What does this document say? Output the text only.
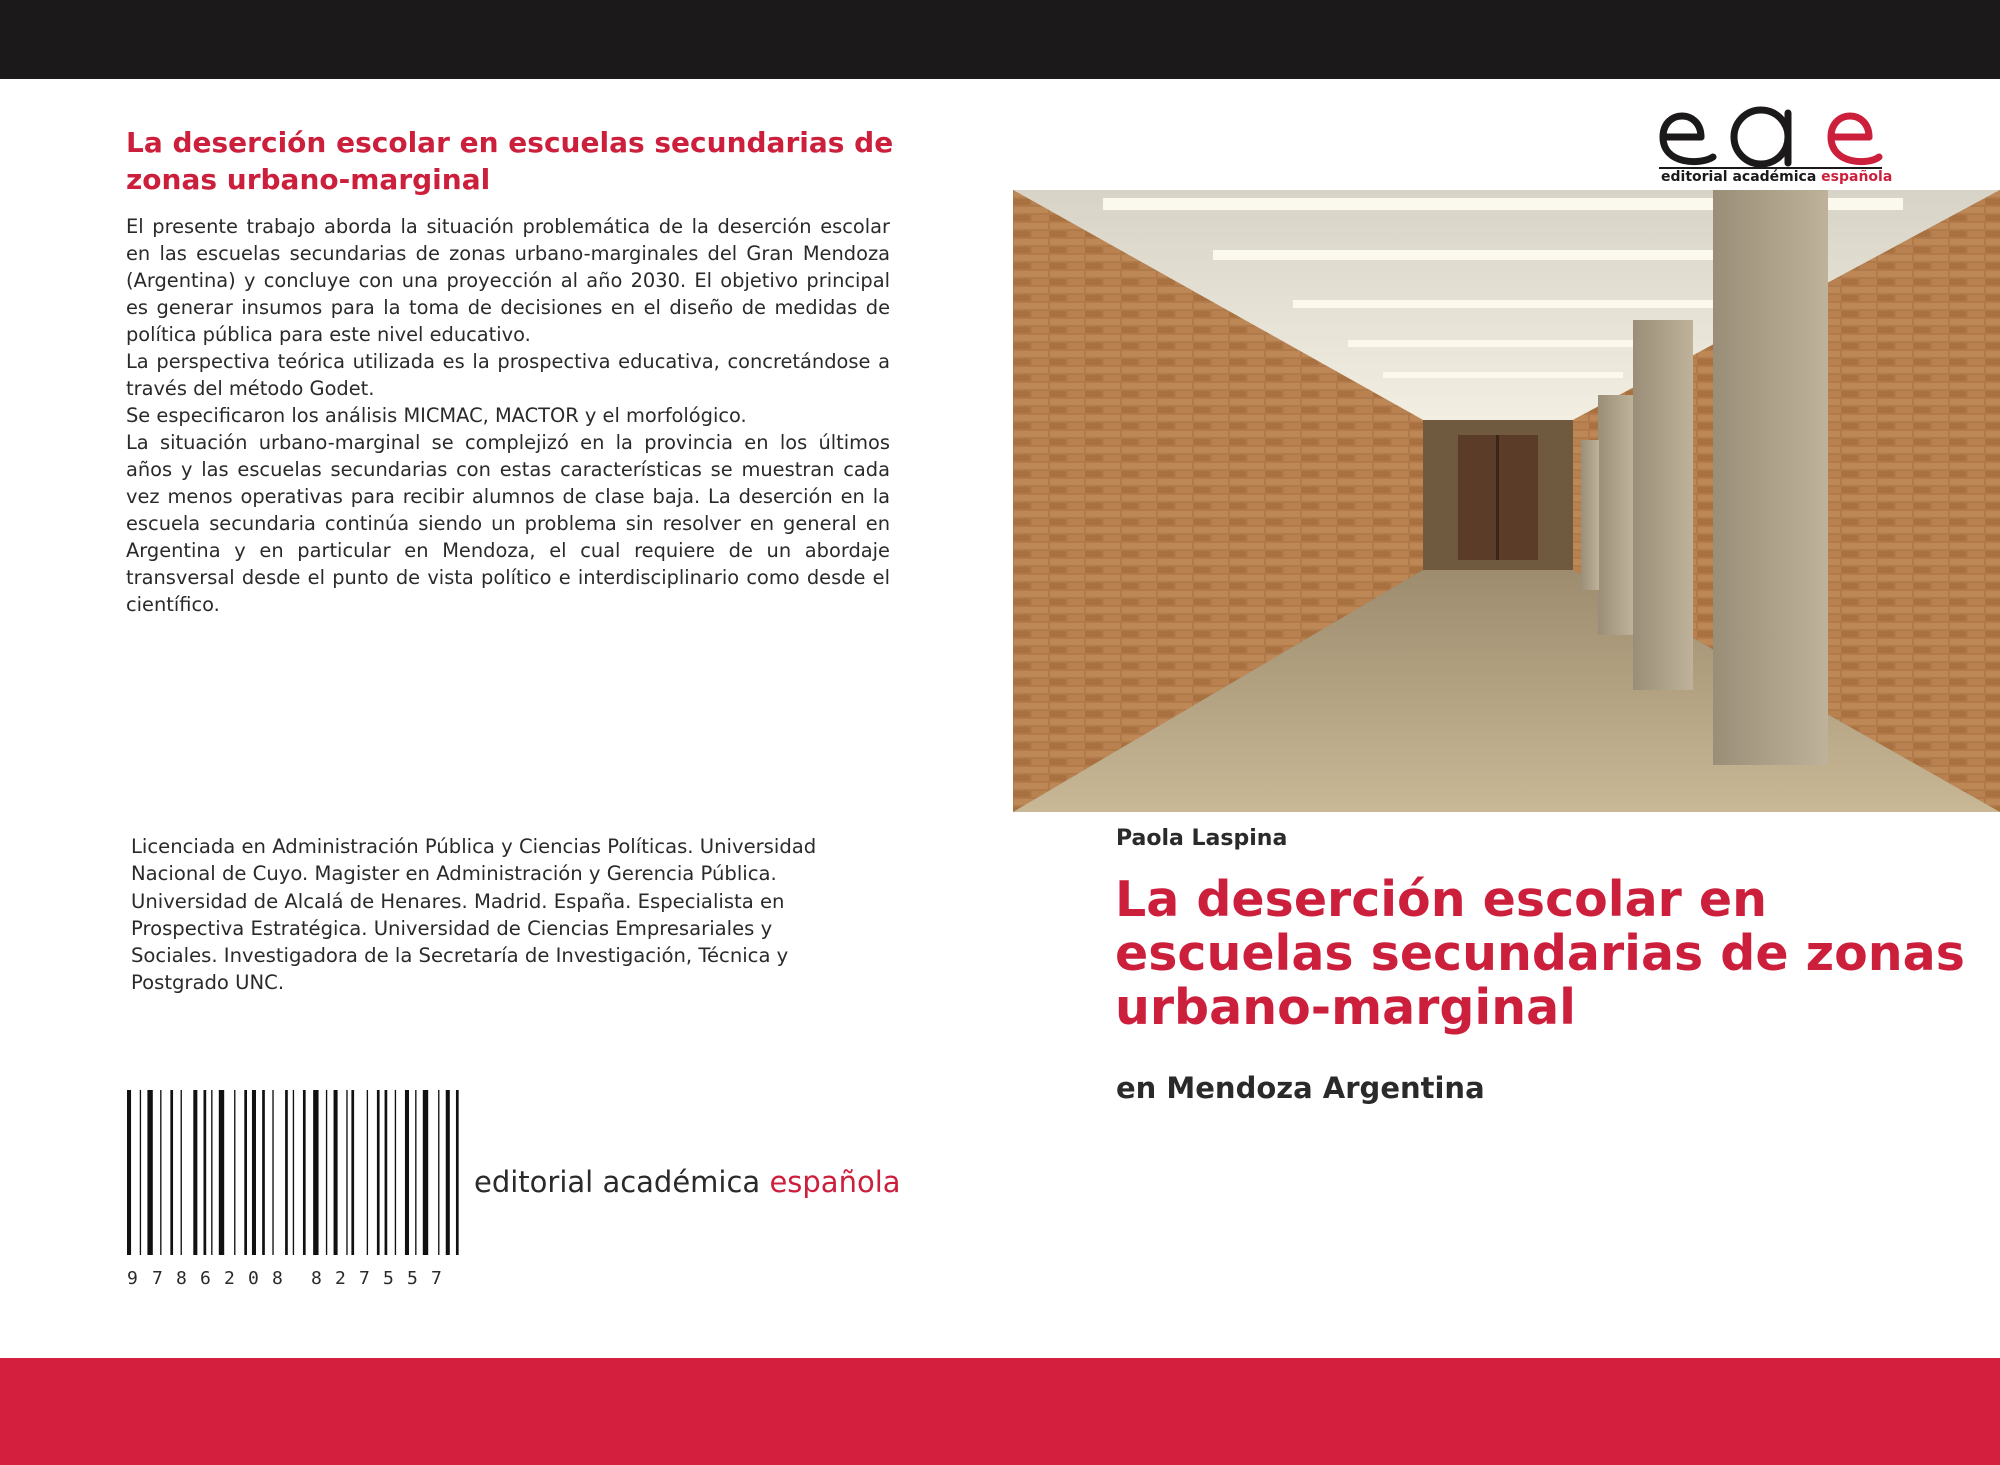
La deserción escolar en escuelas secundarias de zonas urbano-marginal

El presente trabajo aborda la situación problemática de la deserción escolar en las escuelas secundarias de zonas urbano-marginales del Gran Mendoza (Argentina) y concluye con una proyección al año 2030. El objetivo principal es generar insumos para la toma de decisiones en el diseño de medidas de política pública para este nivel educativo.

La perspectiva teórica utilizada es la prospectiva educativa, concretándose a través del método Godet.

Se especificaron los análisis MICMAC, MACTOR y el morfológico.

La situación urbano-marginal se complejizó en la provincia en los últimos años y las escuelas secundarias con estas características se muestran cada vez menos operativas para recibir alumnos de clase baja. La deserción en la escuela secundaria continúa siendo un problema sin resolver en general en Argentina y en particular en Mendoza, el cual requiere de un abordaje transversal desde el punto de vista político e interdisciplinario como desde el científico.

Licenciada en Administración Pública y Ciencias Políticas. Universidad
Nacional de Cuyo. Magister en Administración y Gerencia Pública.
Universidad de Alcalá de Henares. Madrid. España. Especialista en
Prospectiva Estratégica. Universidad de Ciencias Empresariales y
Sociales. Investigadora de la Secretaría de Investigación, Técnica y
Postgrado UNC.
9 7 8 6 2 0 8 8 2 7 5 5 7
editorial académica española
editorial académica española
Paola Laspina
La deserción escolar en escuelas secundarias de zonas urbano-marginal
en Mendoza Argentina
